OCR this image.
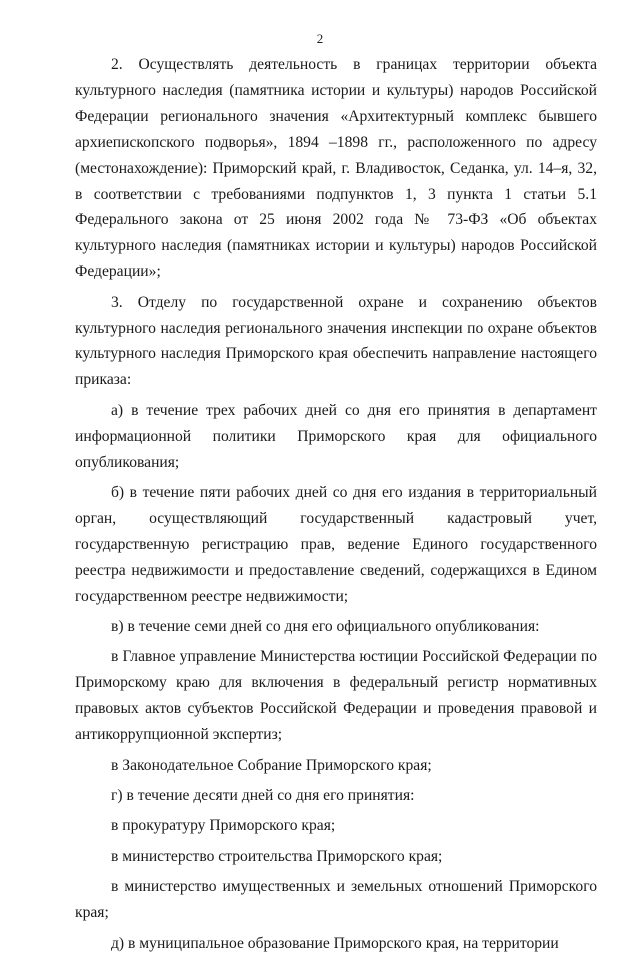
2

2. Осуществлять деятельность в границах территории объекта культурного наследия (памятника истории и культуры) народов Российской Федерации регионального значения «Архитектурный комплекс бывшего архиепископского подворья», 1894 –1898 гг., расположенного по адресу (местонахождение): Приморский край, г. Владивосток, Седанка, ул. 14–я, 32, в соответствии с требованиями подпунктов 1, 3 пункта 1 статьи 5.1 Федерального закона от 25 июня 2002 года № 73-ФЗ «Об объектах культурного наследия (памятниках истории и культуры) народов Российской Федерации»;

3. Отделу по государственной охране и сохранению объектов культурного наследия регионального значения инспекции по охране объектов культурного наследия Приморского края обеспечить направление настоящего приказа:

а) в течение трех рабочих дней со дня его принятия в департамент информационной политики Приморского края для официального опубликования;

б) в течение пяти рабочих дней со дня его издания в территориальный орган, осуществляющий государственный кадастровый учет, государственную регистрацию прав, ведение Единого государственного реестра недвижимости и предоставление сведений, содержащихся в Едином государственном реестре недвижимости;

в) в течение семи дней со дня его официального опубликования:

в Главное управление Министерства юстиции Российской Федерации по Приморскому краю для включения в федеральный регистр нормативных правовых актов субъектов Российской Федерации и проведения правовой и антикоррупционной экспертиз;

в Законодательное Собрание Приморского края;

г) в течение десяти дней со дня его принятия:

в прокуратуру Приморского края;

в министерство строительства Приморского края;

в министерство имущественных и земельных отношений Приморского края;

д) в муниципальное образование Приморского края, на территории
